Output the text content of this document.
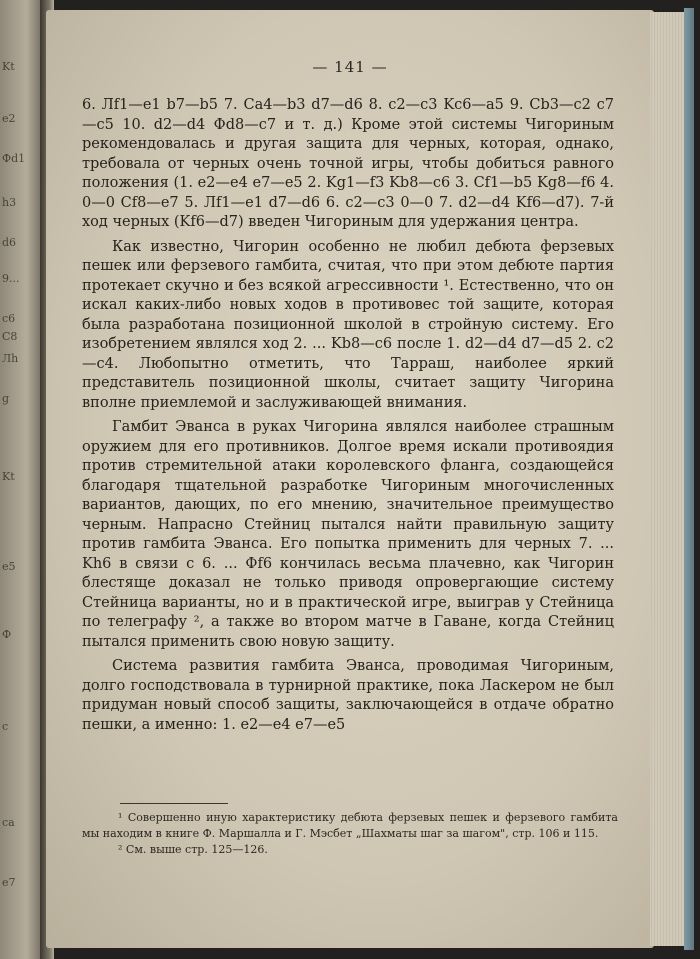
Kt
e2
Фd1
h3
d6
9...
c6
C8
Лh
g
Kt
e5
Ф
c
ca
e7
— 141 —

6. Лf1—e1 b7—b5 7. Ca4—b3 d7—d6 8. c2—c3 Kc6—a5 9. Cb3—c2 c7—c5 10. d2—d4 Фd8—c7 и т. д.) Кроме этой системы Чигориным рекомендовалась и другая защита для черных, которая, однако, требовала от черных очень точной игры, чтобы добиться равного положения (1. e2—e4 e7—e5 2. Kg1—f3 Kb8—c6 3. Cf1—b5 Kg8—f6 4. 0—0 Cf8—e7 5. Лf1—e1 d7—d6 6. c2—c3 0—0 7. d2—d4 Kf6—d7). 7-й ход черных (Kf6—d7) введен Чигориным для удержания центра.

Как известно, Чигорин особенно не любил дебюта ферзевых пешек или ферзевого гамбита, считая, что при этом дебюте партия протекает скучно и без всякой агрессивности ¹. Естественно, что он искал каких-либо новых ходов в противовес той защите, которая была разработана позиционной школой в стройную систему. Его изобретением являлся ход 2. ... Kb8—c6 после 1. d2—d4 d7—d5 2. c2—c4. Любопытно отметить, что Тарраш, наиболее яркий представитель позиционной школы, считает защиту Чигорина вполне приемлемой и заслуживающей внимания.

Гамбит Эванса в руках Чигорина являлся наиболее страшным оружием для его противников. Долгое время искали противоядия против стремительной атаки королевского фланга, создающейся благодаря тщательной разработке Чигориным многочисленных вариантов, дающих, по его мнению, значительное преимущество черным. Напрасно Стейниц пытался найти правильную защиту против гамбита Эванса. Его попытка применить для черных 7. ... Kh6 в связи с 6. ... Фf6 кончилась весьма плачевно, как Чигорин блестяще доказал не только приводя опровергающие систему Стейница варианты, но и в практической игре, выиграв у Стейница по телеграфу ², а также во втором матче в Гаване, когда Стейниц пытался применить свою новую защиту.

Система развития гамбита Эванса, проводимая Чигориным, долго господствовала в турнирной практике, пока Ласкером не был придуман новый способ защиты, заключающейся в отдаче обратно пешки, а именно: 1. e2—e4 e7—e5

¹ Совершенно иную характеристику дебюта ферзевых пешек и ферзевого гамбита мы находим в книге Ф. Маршалла и Г. Мэсбет „Шахматы шаг за шагом", стр. 106 и 115.

² См. выше стр. 125—126.
